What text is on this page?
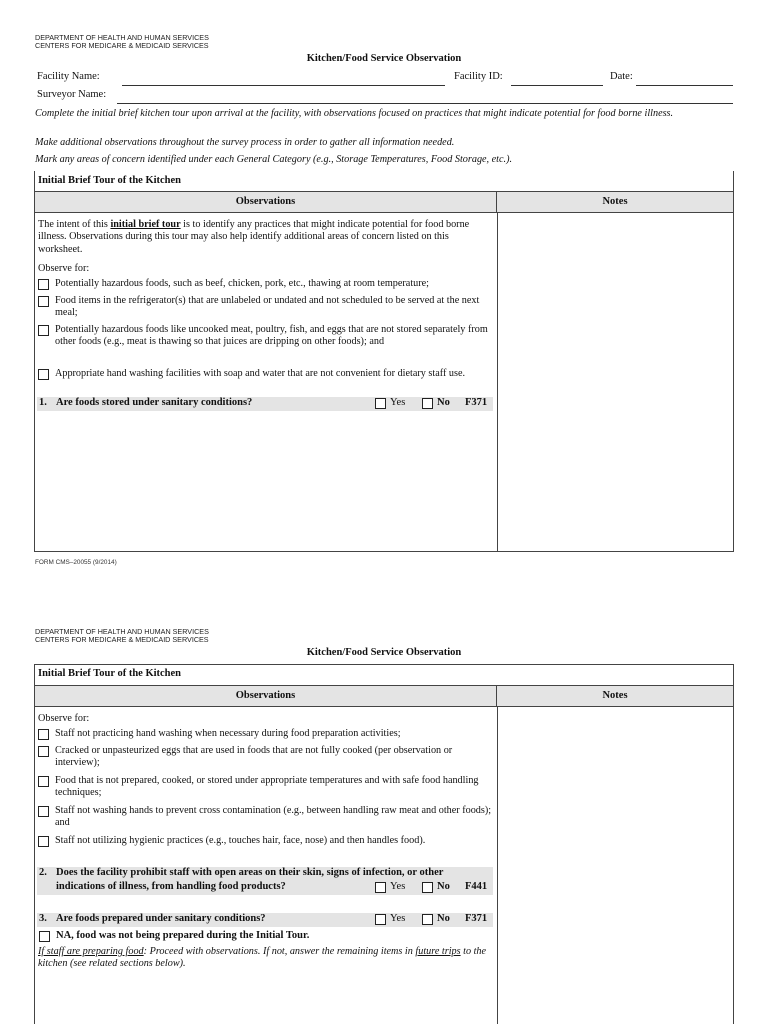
DEPARTMENT OF HEALTH AND HUMAN SERVICES
CENTERS FOR MEDICARE & MEDICAID SERVICES
Kitchen/Food Service Observation
Facility Name:	Facility ID:	Date:
Surveyor Name:
Complete the initial brief kitchen tour upon arrival at the facility, with observations focused on practices that might indicate potential for food borne illness.
Make additional observations throughout the survey process in order to gather all information needed.
Mark any areas of concern identified under each General Category (e.g., Storage Temperatures, Food Storage, etc.).
Initial Brief Tour of the Kitchen
Observations	Notes
The intent of this initial brief tour is to identify any practices that might indicate potential for food borne illness. Observations during this tour may also help identify additional areas of concern listed on this worksheet.
Observe for:
Potentially hazardous foods, such as beef, chicken, pork, etc., thawing at room temperature;
Food items in the refrigerator(s) that are unlabeled or undated and not scheduled to be served at the next meal;
Potentially hazardous foods like uncooked meat, poultry, fish, and eggs that are not stored separately from other foods (e.g., meat is thawing so that juices are dripping on other foods); and
Appropriate hand washing facilities with soap and water that are not convenient for dietary staff use.
1. Are foods stored under sanitary conditions?	Yes	No F371
FORM CMS–20055 (9/2014)
DEPARTMENT OF HEALTH AND HUMAN SERVICES
CENTERS FOR MEDICARE & MEDICAID SERVICES
Kitchen/Food Service Observation
Initial Brief Tour of the Kitchen
Observations	Notes
Observe for:
Staff not practicing hand washing when necessary during food preparation activities;
Cracked or unpasteurized eggs that are used in foods that are not fully cooked (per observation or interview);
Food that is not prepared, cooked, or stored under appropriate temperatures and with safe food handling techniques;
Staff not washing hands to prevent cross contamination (e.g., between handling raw meat and other foods); and
Staff not utilizing hygienic practices (e.g., touches hair, face, nose) and then handles food).
2. Does the facility prohibit staff with open areas on their skin, signs of infection, or other
indications of illness, from handling food products?	Yes	No F441
3. Are foods prepared under sanitary conditions?	Yes	No F371
NA, food was not being prepared during the Initial Tour.
If staff are preparing food: Proceed with observations. If not, answer the remaining items in future trips to the kitchen (see related sections below).
